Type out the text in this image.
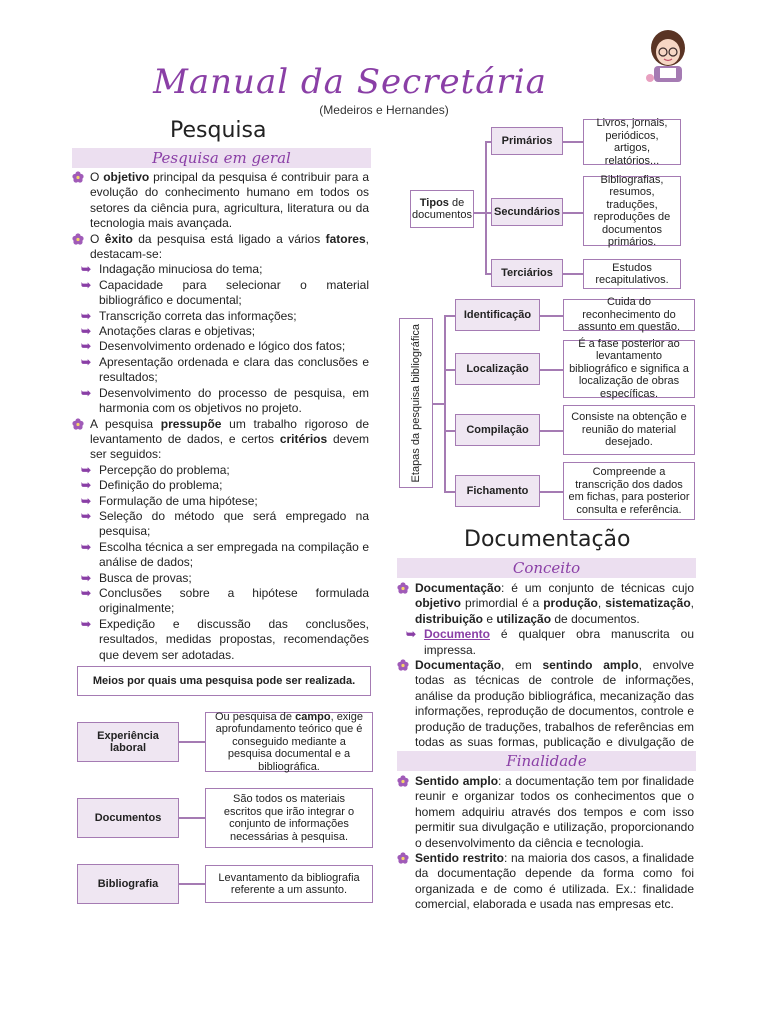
Manual da Secretária
(Medeiros e Hernandes)
Pesquisa
Pesquisa em geral
O objetivo principal da pesquisa é contribuir para a evolução do conhecimento humano em todos os setores da ciência pura, agricultura, literatura ou da tecnologia mais avançada.
O êxito da pesquisa está ligado a vários fatores, destacam-se:
➥ Indagação minuciosa do tema;
➥ Capacidade para selecionar o material bibliográfico e documental;
➥ Transcrição correta das informações;
➥ Anotações claras e objetivas;
➥ Desenvolvimento ordenado e lógico dos fatos;
➥ Apresentação ordenada e clara das conclusões e resultados;
➥ Desenvolvimento do processo de pesquisa, em harmonia com os objetivos no projeto.
A pesquisa pressupõe um trabalho rigoroso de levantamento de dados, e certos critérios devem ser seguidos:
➥ Percepção do problema;
➥ Definição do problema;
➥ Formulação de uma hipótese;
➥ Seleção do método que será empregado na pesquisa;
➥ Escolha técnica a ser empregada na compilação e análise de dados;
➥ Busca de provas;
➥ Conclusões sobre a hipótese formulada originalmente;
➥ Expedição e discussão das conclusões, resultados, medidas propostas, recomendações que devem ser adotadas.
Meios por quais uma pesquisa pode ser realizada.
Experiência laboral
Ou pesquisa de campo, exige aprofundamento teórico que é conseguido mediante a pesquisa documental e a bibliográfica.
Documentos
São todos os materiais escritos que irão integrar o conjunto de informações necessárias à pesquisa.
Bibliografia
Levantamento da bibliografia referente a um assunto.
Tipos de documentos
Primários
Livros, jornais, periódicos, artigos, relatórios...
Secundários
Bibliografias, resumos, traduções, reproduções de documentos primários.
Terciários	Estudos recapitulativos.
Etapas da pesquisa bibliográfica
Identificação
Cuida do reconhecimento do assunto em questão.
Localização
É a fase posterior ao levantamento bibliográfico e significa a localização de obras específicas.
Compilação
Consiste na obtenção e reunião do material desejado.
Fichamento
Compreende a transcrição dos dados em fichas, para posterior consulta e referência.
Documentação
Conceito
Documentação: é um conjunto de técnicas cujo objetivo primordial é a produção, sistematização, distribuição e utilização de documentos.
➥ Documento é qualquer obra manuscrita ou impressa.
Documentação, em sentindo amplo, envolve todas as técnicas de controle de informações, análise da produção bibliográfica, mecanização das informações, reprodução de documentos, controle e produção de traduções, trabalhos de referências em todas as suas formas, publicação e divulgação de
Finalidade
Sentido amplo: a documentação tem por finalidade reunir e organizar todos os conhecimentos que o homem adquiriu através dos tempos e com isso permitir sua divulgação e utilização, proporcionando o desenvolvimento da ciência e tecnologia.
Sentido restrito: na maioria dos casos, a finalidade da documentação depende da forma como foi organizada e de como é utilizada. Ex.: finalidade comercial, elaborada e usada nas empresas etc.
